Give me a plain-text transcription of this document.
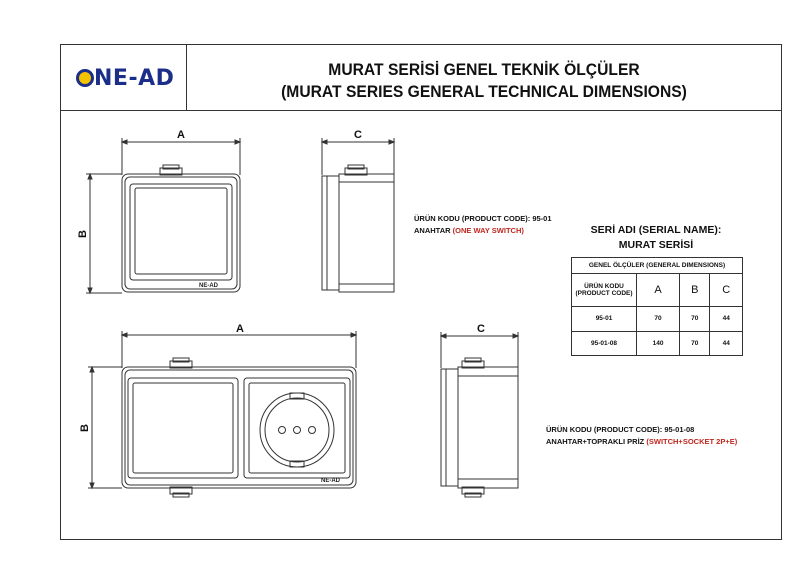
NE-AD	MURAT SERİSİ GENEL TEKNİK ÖLÇÜLER
(MURAT SERIES GENERAL TECHNICAL DIMENSIONS)
A	C
A	C
B
B
NE-AD
NE-AD
ÜRÜN KODU (PRODUCT CODE): 95-01
ANAHTAR (ONE WAY SWITCH)
ÜRÜN KODU (PRODUCT CODE): 95-01-08
ANAHTAR+TOPRAKLI PRİZ (SWITCH+SOCKET 2P+E)
SERİ ADI (SERIAL NAME):
MURAT SERİSİ
GENEL ÖLÇÜLER (GENERAL DIMENSIONS)			
ÜRÜN KODU
(PRODUCT CODE)	A	B	C
95-01	70	70	44
95-01-08	140	70	44
